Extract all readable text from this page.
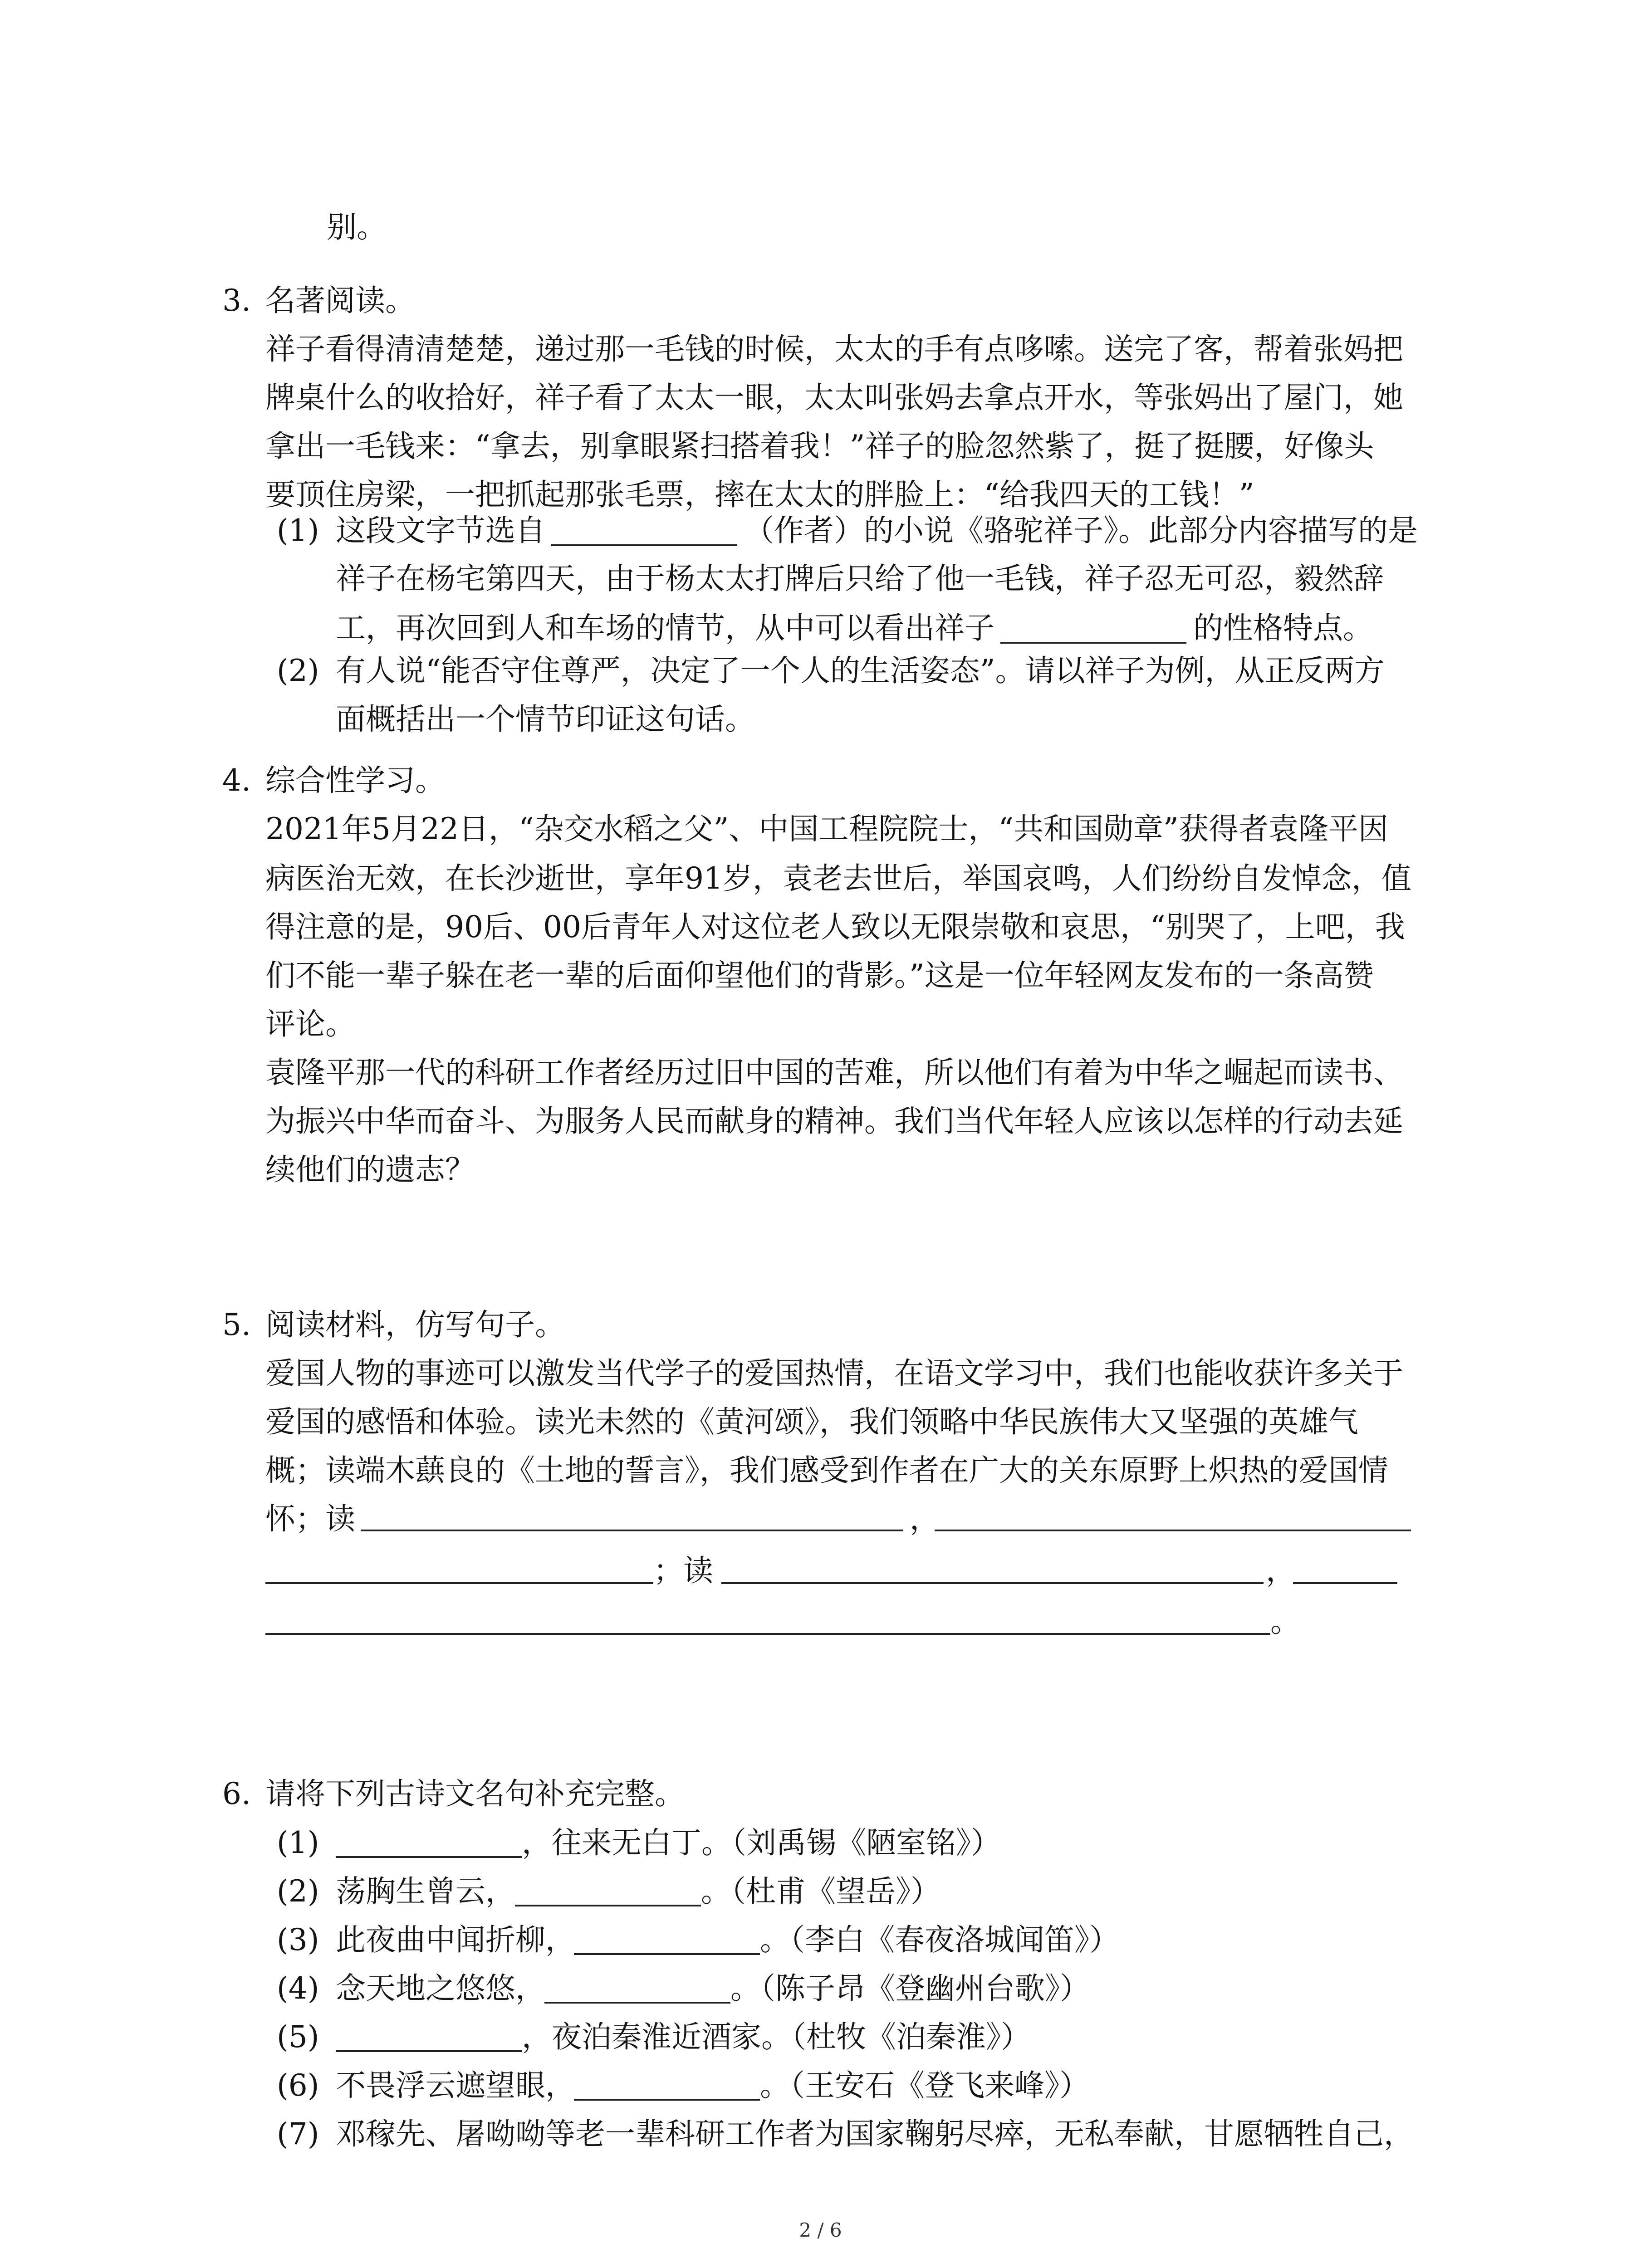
别。
3. 名著阅读。
祥子看得清清楚楚，递过那一毛钱的时候，太太的手有点哆嗦。送完了客，帮着张妈把
牌桌什么的收拾好，祥子看了太太一眼，太太叫张妈去拿点开水，等张妈出了屋门，她
拿出一毛钱来：“拿去，别拿眼紧扫搭着我！”祥子的脸忽然紫了，挺了挺腰，好像头
要顶住房梁，一把抓起那张毛票，摔在太太的胖脸上：“给我四天的工钱！”
(1) 这段文字节选自	（作者）的小说《骆驼祥子》。此部分内容描写的是
祥子在杨宅第四天，由于杨太太打牌后只给了他一毛钱，祥子忍无可忍，毅然辞
工，再次回到人和车场的情节，从中可以看出祥子	的性格特点。
(2) 有人说“能否守住尊严，决定了一个人的生活姿态”。请以祥子为例，从正反两方
面概括出一个情节印证这句话。
4. 综合性学习。
2021年5月22日，“杂交水稻之父”、中国工程院院士，“共和国勋章”获得者袁隆平因
病医治无效，在长沙逝世，享年91岁，袁老去世后，举国哀鸣，人们纷纷自发悼念，值
得注意的是，90后、00后青年人对这位老人致以无限崇敬和哀思，“别哭了，上吧，我
们不能一辈子躲在老一辈的后面仰望他们的背影。”这是一位年轻网友发布的一条高赞
评论。
袁隆平那一代的科研工作者经历过旧中国的苦难，所以他们有着为中华之崛起而读书、
为振兴中华而奋斗、为服务人民而献身的精神。我们当代年轻人应该以怎样的行动去延
续他们的遗志？
5. 阅读材料，仿写句子。
爱国人物的事迹可以激发当代学子的爱国热情，在语文学习中，我们也能收获许多关于
爱国的感悟和体验。读光未然的《黄河颂》，我们领略中华民族伟大又坚强的英雄气
概；读端木蕻良的《土地的誓言》，我们感受到作者在广大的关东原野上炽热的爱国情
怀；读	，
；读	，
。
6. 请将下列古诗文名句补充完整。
(1)	，往来无白丁。（刘禹锡《陋室铭》）
(2) 荡胸生曾云，	。（杜甫《望岳》）
(3) 此夜曲中闻折柳，	。（李白《春夜洛城闻笛》）
(4) 念天地之悠悠，	。（陈子昂《登幽州台歌》）
(5)	，夜泊秦淮近酒家。（杜牧《泊秦淮》）
(6) 不畏浮云遮望眼，	。（王安石《登飞来峰》）
(7) 邓稼先、屠呦呦等老一辈科研工作者为国家鞠躬尽瘁，无私奉献，甘愿牺牲自己，
2 / 6
